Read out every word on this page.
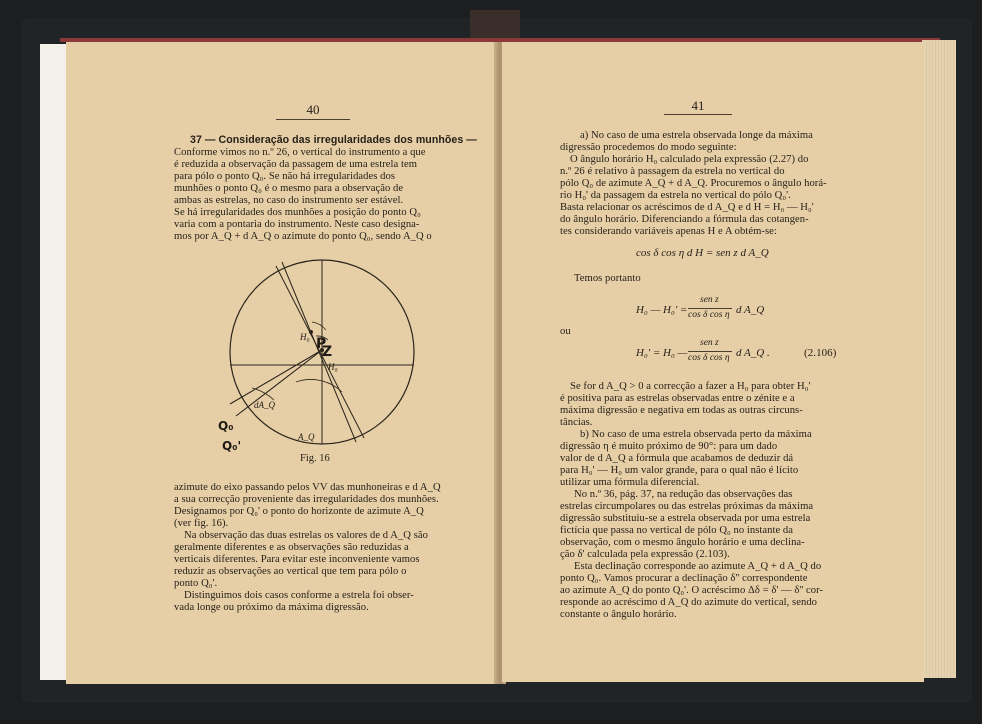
40
37 — Consideração das irregularidades dos munhões —
Conforme vimos no n.º 26, o vertical do instrumento a que
é reduzida a observação da passagem de uma estrela tem
para pólo o ponto Q₀. Se não há irregularidades dos
munhões o ponto Q₀ é o mesmo para a observação de
ambas as estrelas, no caso do instrumento ser estável.
Se há irregularidades dos munhões a posição do ponto Q₀
varia com a pontaria do instrumento. Neste caso designa-
mos por A_Q + d A_Q o azimute do ponto Q₀, sendo A_Q o
P
Z
Q₀
Q₀'
H₀
H₀'
dA_Q
A_Q
Fig. 16
azimute do eixo passando pelos VV das munhoneiras e d A_Q
a sua correcção proveniente das irregularidades dos munhões.
Designamos por Q₀' o ponto do horizonte de azimute A_Q
(ver fig. 16).
Na observação das duas estrelas os valores de d A_Q são
geralmente diferentes e as observações são reduzidas a
verticais diferentes. Para evitar este inconveniente vamos
reduzir as observações ao vertical que tem para pólo o
ponto Q₀'.
Distinguimos dois casos conforme a estrela foi obser-
vada longe ou próximo da máxima digressão.
41
a) No caso de uma estrela observada longe da máxima
digressão procedemos do modo seguinte:
O ângulo horário H₀ calculado pela expressão (2.27) do
n.º 26 é relativo à passagem da estrela no vertical do
pólo Q₀ de azimute A_Q + d A_Q. Procuremos o ângulo horá-
rio H₀' da passagem da estrela no vertical do pólo Q₀'.
Basta relacionar os acréscimos de d A_Q e d H = H₀ — H₀'
do ângulo horário. Diferenciando a fórmula das cotangen-
tes considerando variáveis apenas H e A obtém-se:
cos δ cos η d H = sen z d A_Q
Temos portanto
H₀ — H₀' =
sen z
cos δ cos η d A_Q
ou
H₀' = H₀ —
sen z
cos δ cos η d A_Q .	(2.106)
Se for d A_Q > 0 a correcção a fazer a H₀ para obter H₀'
é positiva para as estrelas observadas entre o zénite e a
máxima digressão e negativa em todas as outras circuns-
tâncias.
b) No caso de uma estrela observada perto da máxima
digressão η é muito próximo de 90°: para um dado
valor de d A_Q a fórmula que acabamos de deduzir dá
para H₀' — H₀ um valor grande, para o qual não é lícito
utilizar uma fórmula diferencial.
No n.º 36, pág. 37, na redução das observações das
estrelas circumpolares ou das estrelas próximas da máxima
digressão substituiu-se a estrela observada por uma estrela
fictícia que passa no vertical de pólo Q₀ no instante da
observação, com o mesmo ângulo horário e uma declina-
ção δ' calculada pela expressão (2.103).
Esta declinação corresponde ao azimute A_Q + d A_Q do
ponto Q₀. Vamos procurar a declinação δ'' correspondente
ao azimute A_Q do ponto Q₀'. O acréscimo Δδ = δ' — δ'' cor-
responde ao acréscimo d A_Q do azimute do vertical, sendo
constante o ângulo horário.
